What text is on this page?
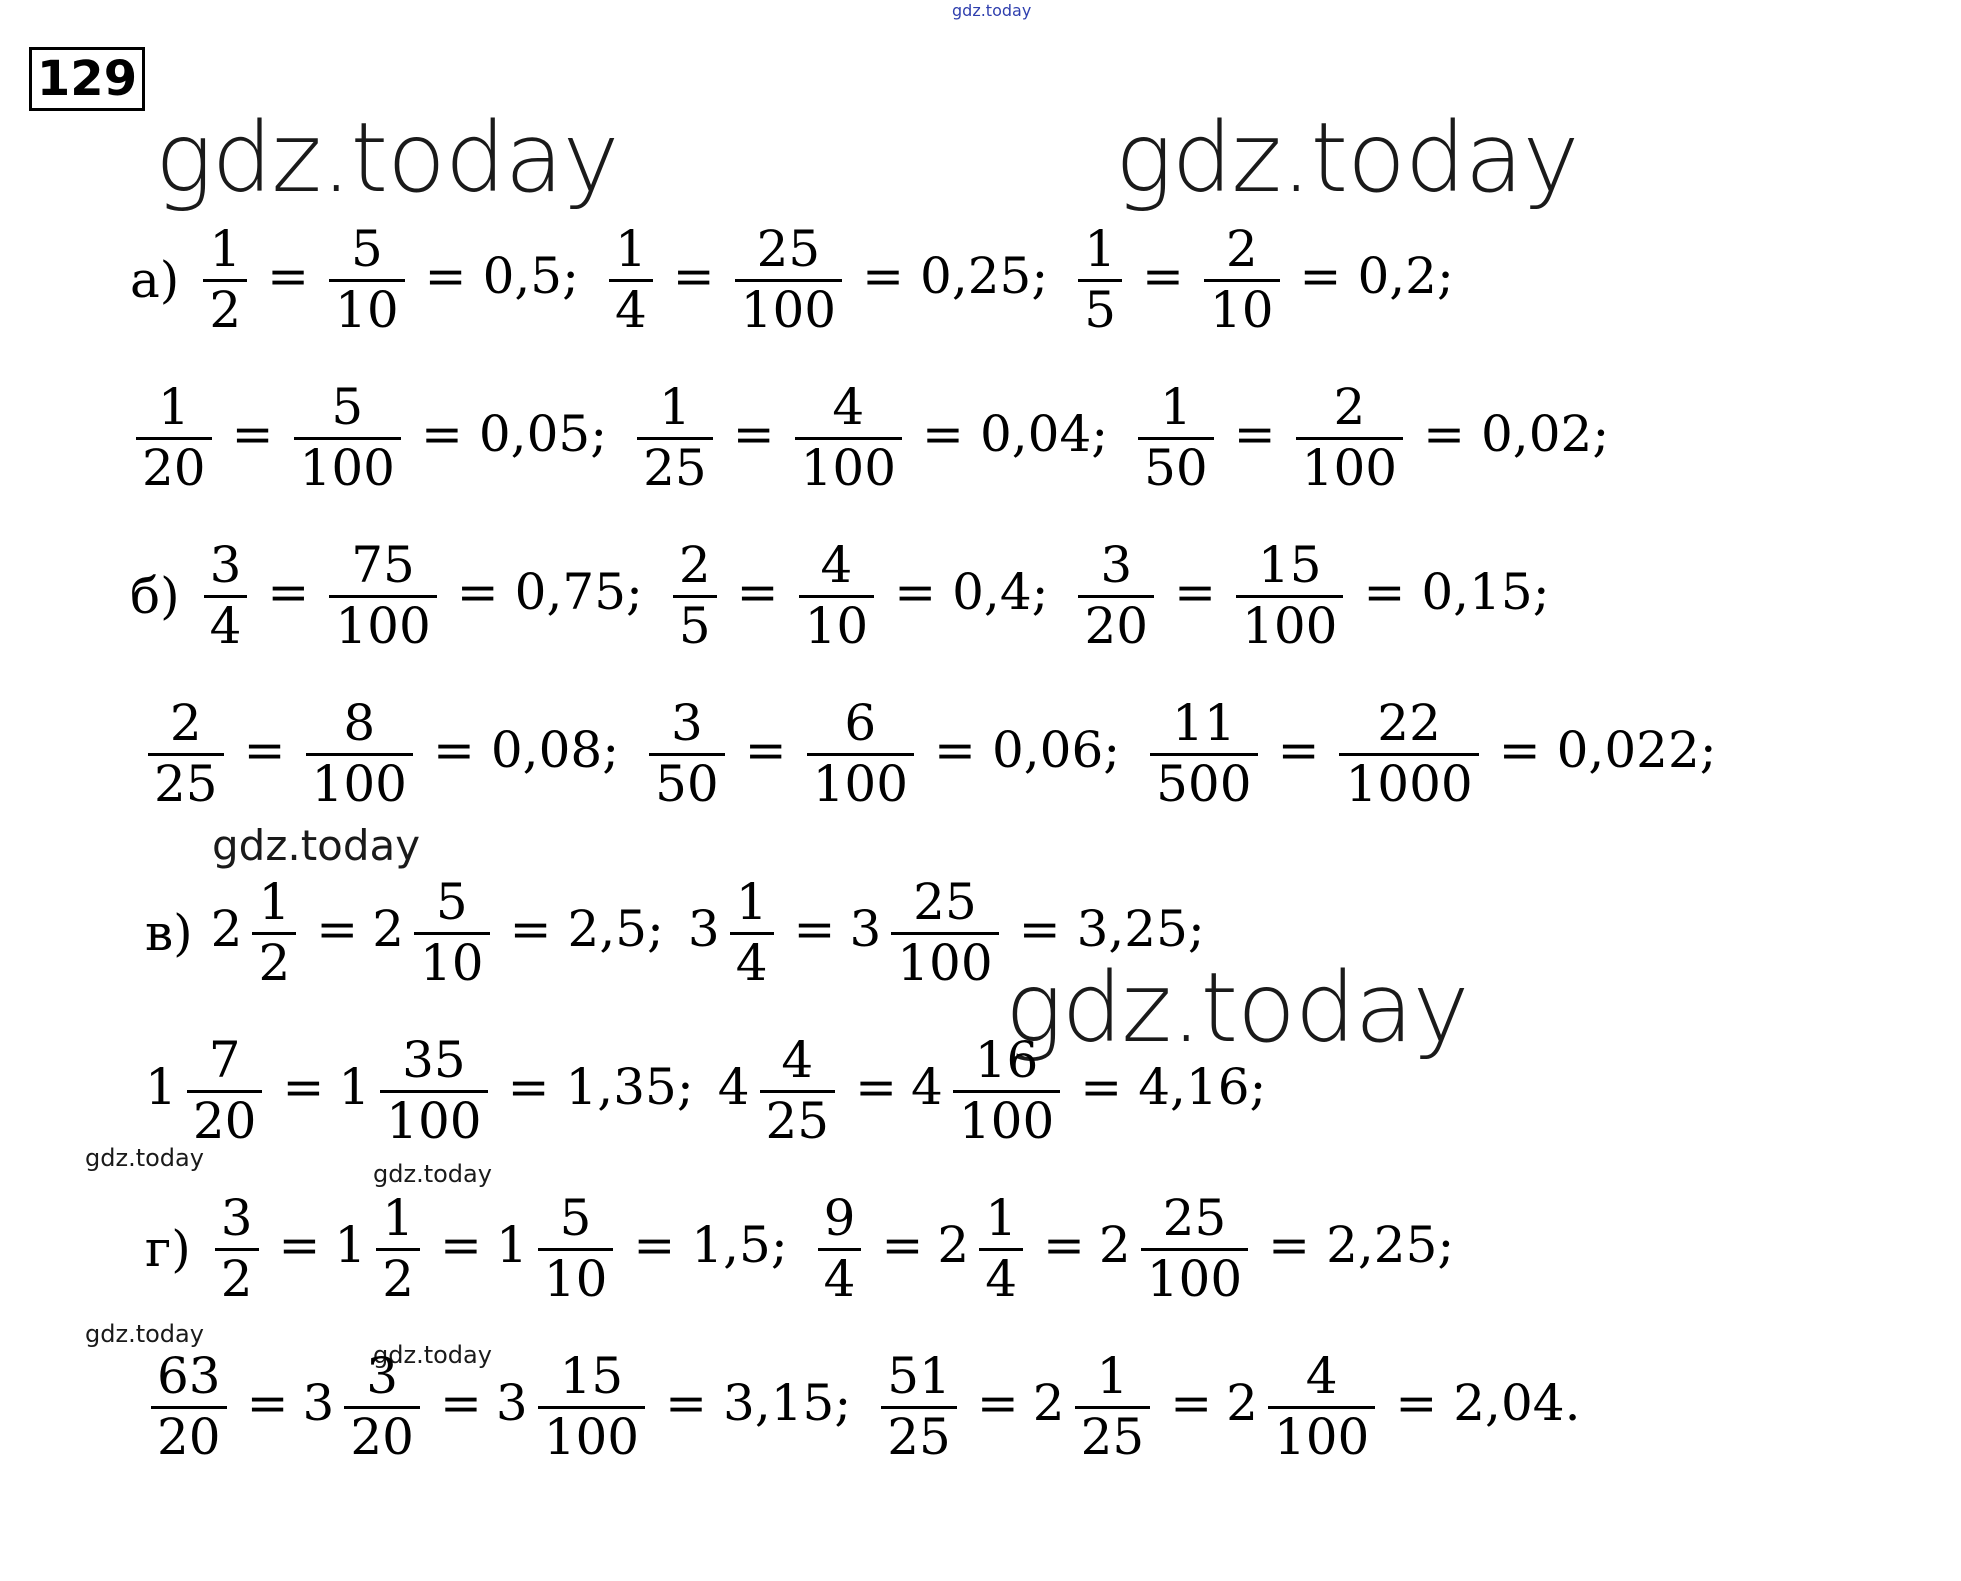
gdz.today
gdz.today	gdz.today
gdz.today
gdz.today
gdz.today
gdz.today
gdz.today
gdz.today
129
$а) \frac{1}{2} = \frac{5}{10} = 0,5$; $\frac{1}{4} = \frac{25}{100} = 0,25$; $\frac{1}{5} = \frac{2}{10} = 0,2$;
$\frac{1}{20} = \frac{5}{100} = 0,05$; $\frac{1}{25} = \frac{4}{100} = 0,04$; $\frac{1}{50} = \frac{2}{100} = 0,02$;
$б) \frac{3}{4} = \frac{75}{100} = 0,75$; $\frac{2}{5} = \frac{4}{10} = 0,4$; $\frac{3}{20} = \frac{15}{100} = 0,15$;
$\frac{2}{25} = \frac{8}{100} = 0,08$; $\frac{3}{50} = \frac{6}{100} = 0,06$; $\frac{11}{500} = \frac{22}{1000} = 0,022$;
в) $2 \frac{1}{2} = 2 \frac{5}{10} = 2,5$; $3 \frac{1}{4} = 3 \frac{25}{100} = 3,25$;
$1 \frac{7}{20} = 1 \frac{35}{100} = 1,35$; $4 \frac{4}{25} = 4 \frac{16}{100} = 4,16$;
$г) \frac{3}{2} = 1 \frac{1}{2} = 1 \frac{5}{10} = 1,5$; $\frac{9}{4} = 2 \frac{1}{4} = 2 \frac{25}{100} = 2,25$;
$\frac{63}{20} = 3 \frac{3}{20} = 3 \frac{15}{100} = 3,15$; $\frac{51}{25} = 2 \frac{1}{25} = 2 \frac{4}{100} = 2,04$.
